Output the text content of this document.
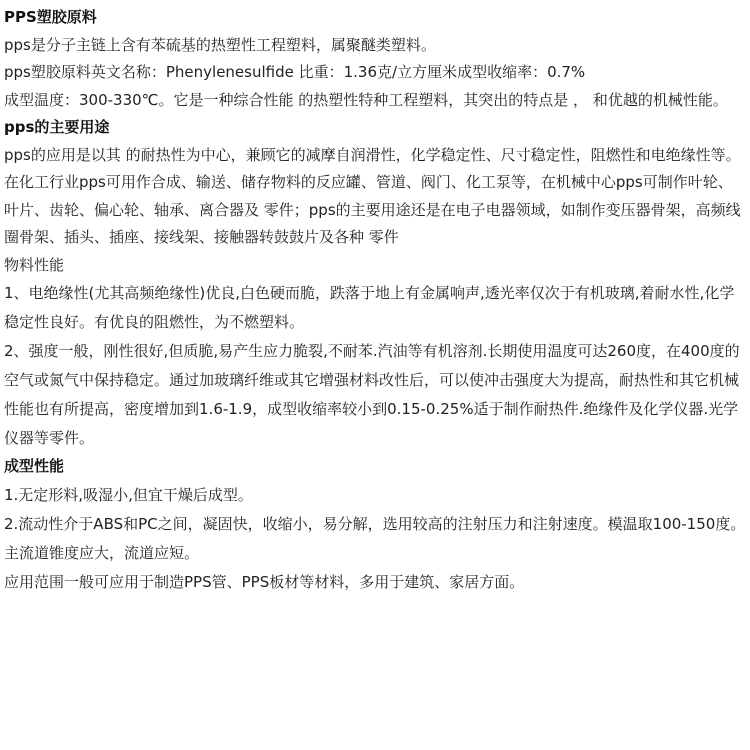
PPS塑胶原料

pps是分子主链上含有苯硫基的热塑性工程塑料，属聚醚类塑料。

pps塑胶原料英文名称：Phenylenesulfide 比重：1.36克/立方厘米成型收缩率：0.7%

成型温度：300-330℃。它是一种综合性能 的热塑性特种工程塑料，其突出的特点是 ， 和优越的机械性能。

pps的主要用途

pps的应用是以其 的耐热性为中心，兼顾它的减摩自润滑性，化学稳定性、尺寸稳定性，阻燃性和电绝缘性等。在化工行业pps可用作合成、输送、储存物料的反应罐、管道、阀门、化工泵等，在机械中心pps可制作叶轮、叶片、齿轮、偏心轮、轴承、离合器及 零件；pps的主要用途还是在电子电器领域，如制作变压器骨架，高频线圈骨架、插头、插座、接线架、接触器转鼓鼓片及各种 零件

物料性能

1、电绝缘性(尤其高频绝缘性)优良,白色硬而脆，跌落于地上有金属响声,透光率仅次于有机玻璃,着耐水性,化学稳定性良好。有优良的阻燃性，为不燃塑料。

2、强度一般，刚性很好,但质脆,易产生应力脆裂,不耐苯.汽油等有机溶剂.长期使用温度可达260度，在400度的空气或氮气中保持稳定。通过加玻璃纤维或其它增强材料改性后，可以使冲击强度大为提高，耐热性和其它机械性能也有所提高，密度增加到1.6-1.9，成型收缩率较小到0.15-0.25%适于制作耐热件.绝缘件及化学仪器.光学仪器等零件。

成型性能

1.无定形料,吸湿小,但宜干燥后成型。

2.流动性介于ABS和PC之间，凝固快，收缩小，易分解，选用较高的注射压力和注射速度。模温取100-150度。主流道锥度应大，流道应短。

应用范围一般可应用于制造PPS管、PPS板材等材料，多用于建筑、家居方面。
